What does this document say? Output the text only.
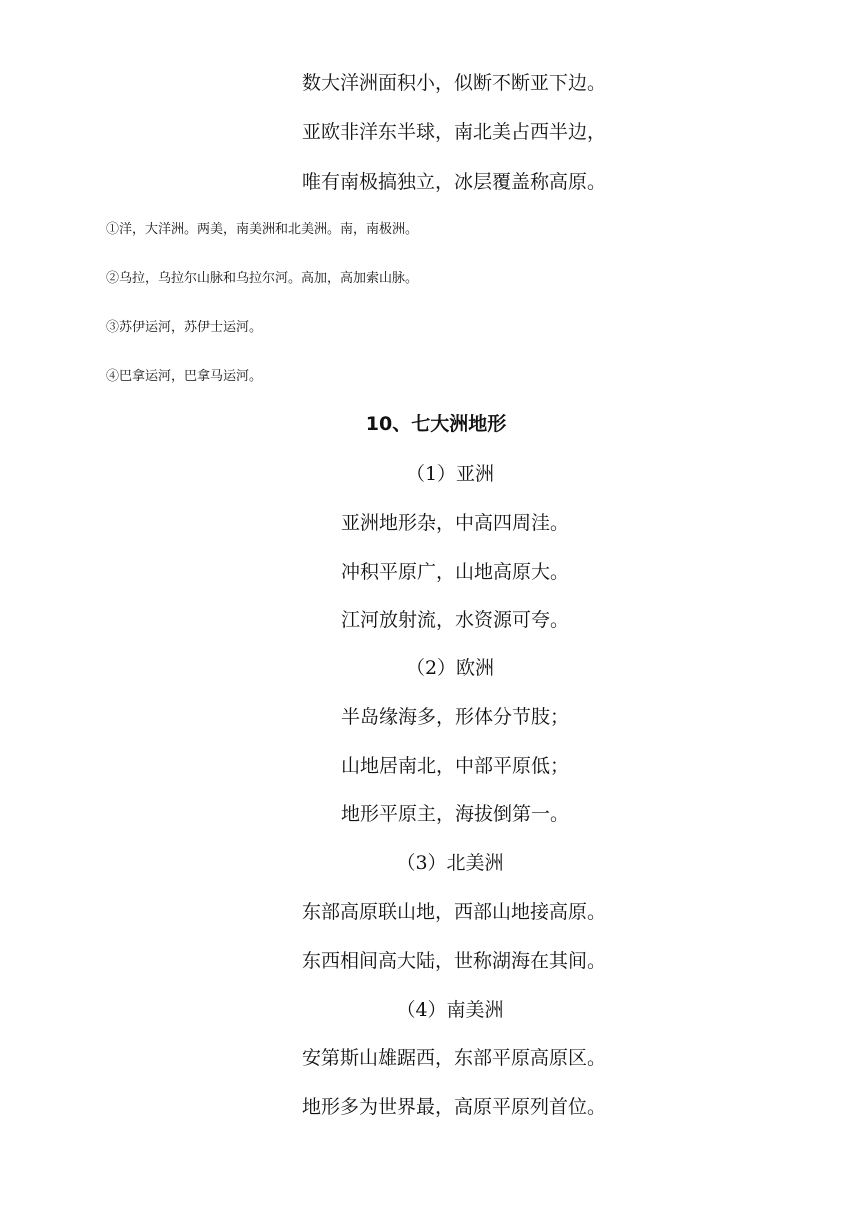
数大洋洲面积小，似断不断亚下边。
亚欧非洋东半球，南北美占西半边，
唯有南极搞独立，冰层覆盖称高原。
①洋，大洋洲。两美，南美洲和北美洲。南，南极洲。
②乌拉，乌拉尔山脉和乌拉尔河。高加，高加索山脉。
③苏伊运河，苏伊士运河。
④巴拿运河，巴拿马运河。
10、七大洲地形
（1）亚洲
亚洲地形杂，中高四周洼。
冲积平原广，山地高原大。
江河放射流，水资源可夸。
（2）欧洲
半岛缘海多，形体分节肢；
山地居南北，中部平原低；
地形平原主，海拔倒第一。
（3）北美洲
东部高原联山地，西部山地接高原。
东西相间高大陆，世称湖海在其间。
（4）南美洲
安第斯山雄踞西，东部平原高原区。
地形多为世界最，高原平原列首位。
